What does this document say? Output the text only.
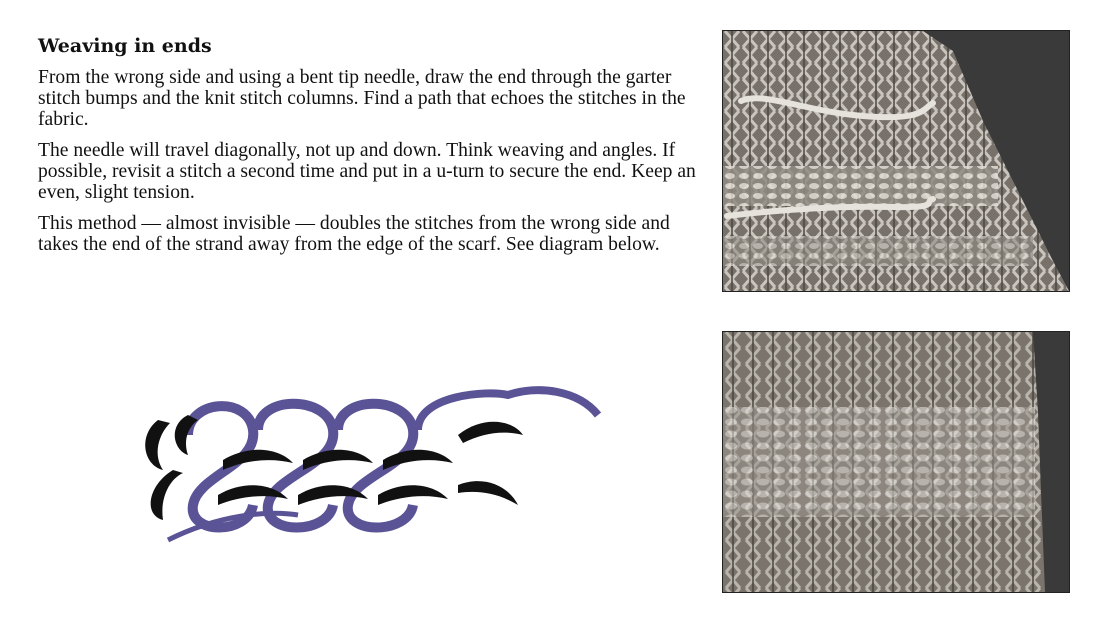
Weaving in ends

From the wrong side and using a bent tip needle, draw the end through the garter stitch bumps and the knit stitch columns. Find a path that echoes the stitches in the fabric.

The needle will travel diagonally, not up and down. Think weaving and angles. If possible, revisit a stitch a second time and put in a u-turn to secure the end. Keep an even, slight tension.

This method — almost invisible — doubles the stitches from the wrong side and takes the end of the strand away from the edge of the scarf. See diagram below.
